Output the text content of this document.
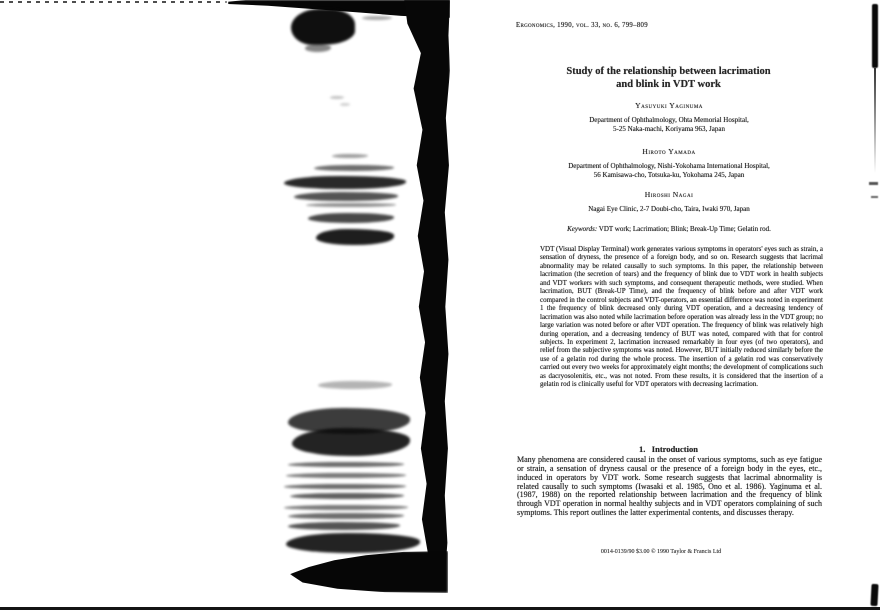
Ergonomics, 1990, vol. 33, no. 6, 799–809
Study of the relationship between lacrimation
and blink in VDT work
Yasuyuki Yaginuma
Department of Ophthalmology, Ohta Memorial Hospital,
5-25 Naka-machi, Koriyama 963, Japan
Hiroto Yamada
Department of Ophthalmology, Nishi-Yokohama International Hospital,
56 Kamisawa-cho, Totsuka-ku, Yokohama 245, Japan
Hiroshi Nagai
Nagai Eye Clinic, 2-7 Doubi-cho, Taira, Iwaki 970, Japan
Keywords: VDT work; Lacrimation; Blink; Break-Up Time; Gelatin rod.
VDT (Visual Display Terminal) work generates various symptoms in operators' eyes such as strain, a sensation of dryness, the presence of a foreign body, and so on. Research suggests that lacrimal abnormality may be related causally to such symptoms. In this paper, the relationship between lacrimation (the secretion of tears) and the frequency of blink due to VDT work in health subjects and VDT workers with such symptoms, and consequent therapeutic methods, were studied. When lacrimation, BUT (Break-UP Time), and the frequency of blink before and after VDT work compared in the control subjects and VDT-operators, an essential difference was noted in experiment 1 the frequency of blink decreased only during VDT operation, and a decreasing tendency of lacrimation was also noted while lacrimation before operation was already less in the VDT group; no large variation was noted before or after VDT operation. The frequency of blink was relatively high during operation, and a decreasing tendency of BUT was noted, compared with that for control subjects. In experiment 2, lacrimation increased remarkably in four eyes (of two operators), and relief from the subjective symptoms was noted. However, BUT initially reduced similarly before the use of a gelatin rod during the whole process. The insertion of a gelatin rod was conservatively carried out every two weeks for approximately eight months; the development of complications such as dacryosolenitis, etc., was not noted. From these results, it is considered that the insertion of a gelatin rod is clinically useful for VDT operators with decreasing lacrimation.
1.   Introduction
Many phenomena are considered causal in the onset of various symptoms, such as eye fatigue or strain, a sensation of dryness causal or the presence of a foreign body in the eyes, etc., induced in operators by VDT work. Some research suggests that lacrimal abnormality is related causally to such symptoms (Iwasaki et al. 1985, Ono et al. 1986). Yaginuma et al. (1987, 1988) on the reported relationship between lacrimation and the frequency of blink through VDT operation in normal healthy subjects and in VDT operators complaining of such symptoms. This report outlines the latter experimental contents, and discusses therapy.
0014-0139/90 $3.00 © 1990 Taylor & Francis Ltd
